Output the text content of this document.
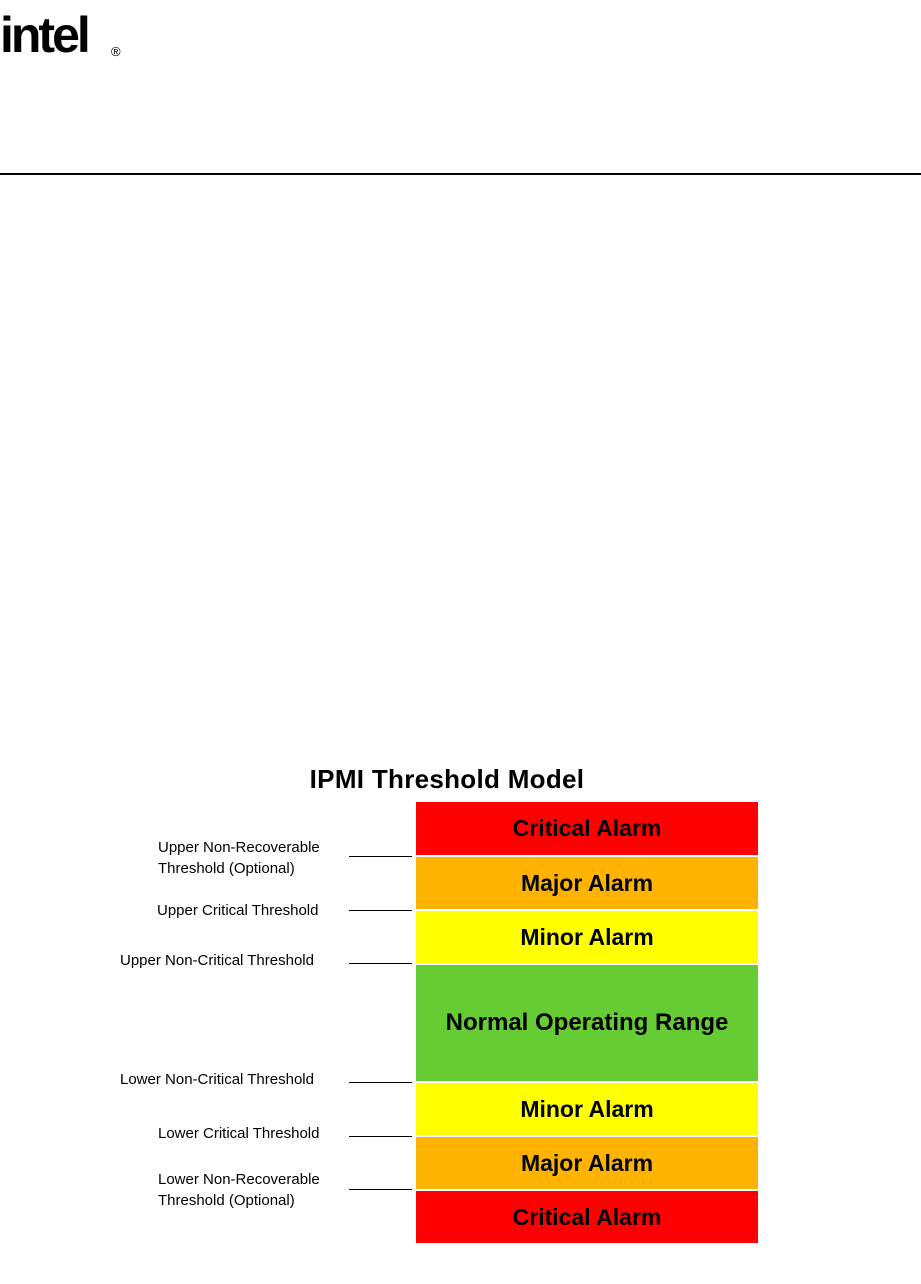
intel ®
IPMI Threshold Model
Critical Alarm
Major Alarm
Minor Alarm
Normal Operating Range
Minor Alarm
Major Alarm
Critical Alarm
Upper Non-Recoverable
Threshold (Optional)
Upper Critical Threshold
Upper Non-Critical Threshold
Lower Non-Critical Threshold
Lower Critical Threshold
Lower Non-Recoverable
Threshold (Optional)
